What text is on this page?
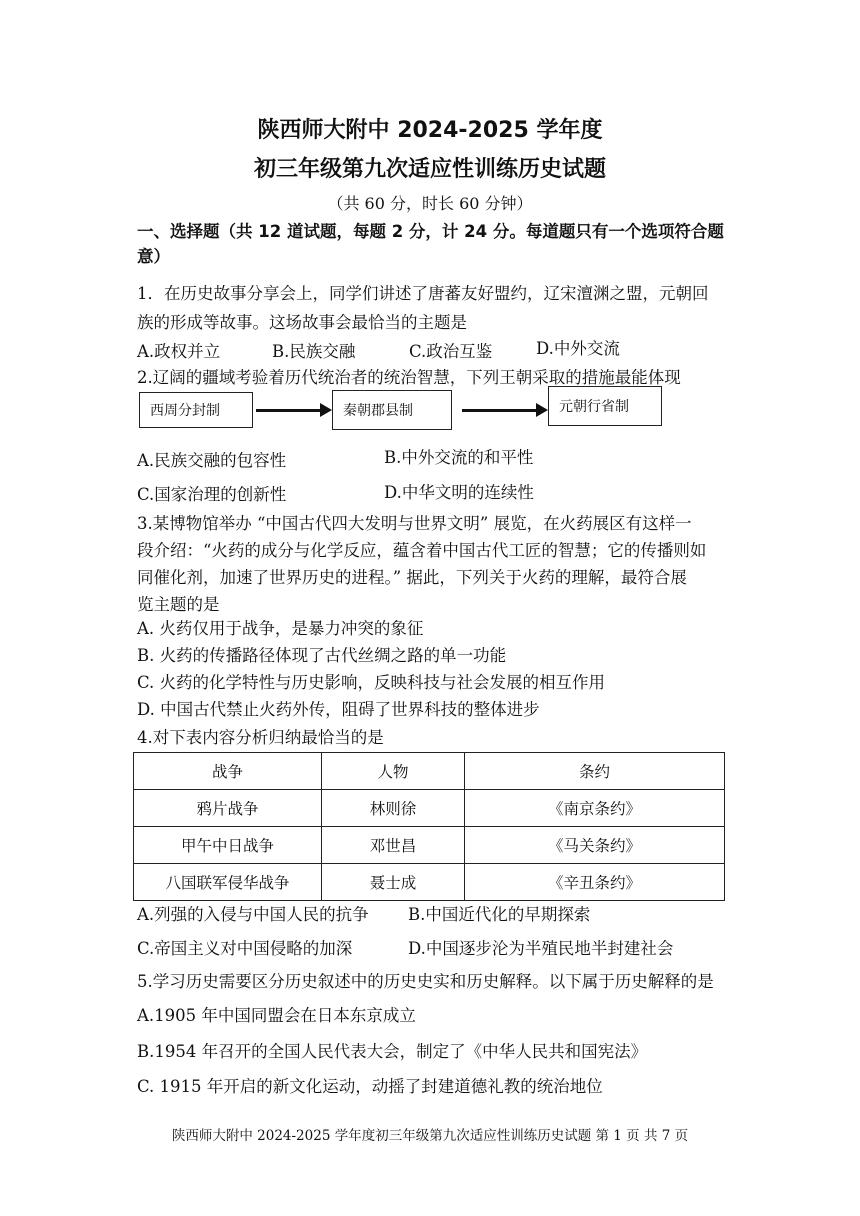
陕西师大附中 2024-2025 学年度
初三年级第九次适应性训练历史试题
（共 60 分，时长 60 分钟）
一、选择题（共 12 道试题，每题 2 分，计 24 分。每道题只有一个选项符合题
意）
1．在历史故事分享会上，同学们讲述了唐蕃友好盟约，辽宋澶渊之盟，元朝回
族的形成等故事。这场故事会最恰当的主题是
A.政权并立	B.民族交融	C.政治互鉴	D.中外交流
2.辽阔的疆域考验着历代统治者的统治智慧，下列王朝采取的措施最能体现
西周分封制	秦朝郡县制	元朝行省制
A.民族交融的包容性	B.中外交流的和平性
C.国家治理的创新性	D.中华文明的连续性
3.某博物馆举办 “中国古代四大发明与世界文明” 展览，在火药展区有这样一
段介绍：“火药的成分与化学反应，蕴含着中国古代工匠的智慧；它的传播则如
同催化剂，加速了世界历史的进程。” 据此，下列关于火药的理解，最符合展
览主题的是
A. 火药仅用于战争，是暴力冲突的象征
B. 火药的传播路径体现了古代丝绸之路的单一功能
C. 火药的化学特性与历史影响，反映科技与社会发展的相互作用
D. 中国古代禁止火药外传，阻碍了世界科技的整体进步
4.对下表内容分析归纳最恰当的是
战争	人物	条约
鸦片战争	林则徐	《南京条约》
甲午中日战争	邓世昌	《马关条约》
八国联军侵华战争	聂士成	《辛丑条约》
A.列强的入侵与中国人民的抗争 B.中国近代化的早期探索
C.帝国主义对中国侵略的加深	D.中国逐步沦为半殖民地半封建社会
5.学习历史需要区分历史叙述中的历史史实和历史解释。以下属于历史解释的是
A.1905 年中国同盟会在日本东京成立
B.1954 年召开的全国人民代表大会，制定了《中华人民共和国宪法》
C. 1915 年开启的新文化运动，动摇了封建道德礼教的统治地位
陕西师大附中 2024-2025 学年度初三年级第九次适应性训练历史试题 第 1 页 共 7 页
